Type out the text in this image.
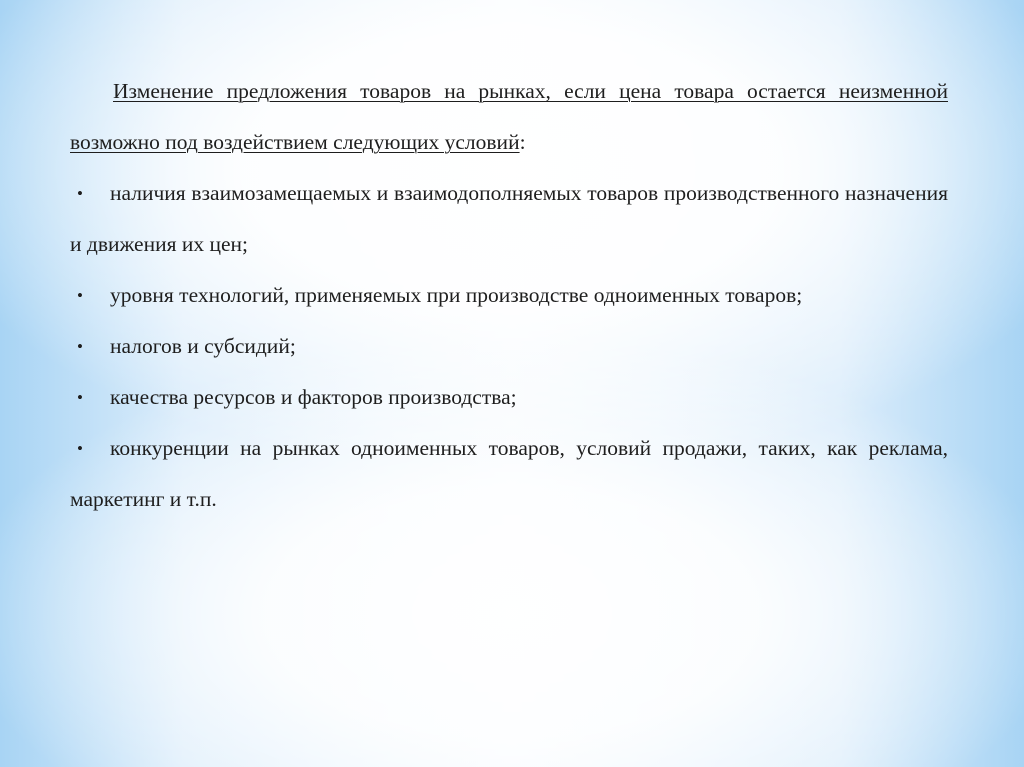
Изменение предложения товаров на рынках, если цена товара остается неизменной возможно под воздействием следующих условий:

•	наличия взаимозамещаемых и взаимодополняемых товаров производственного назначения и движения их цен;

•	уровня технологий, применяемых при производстве одноименных товаров;

•	налогов и субсидий;

•	качества ресурсов и факторов производства;

•	конкуренции на рынках одноименных товаров, условий продажи, таких, как реклама, маркетинг и т.п.
